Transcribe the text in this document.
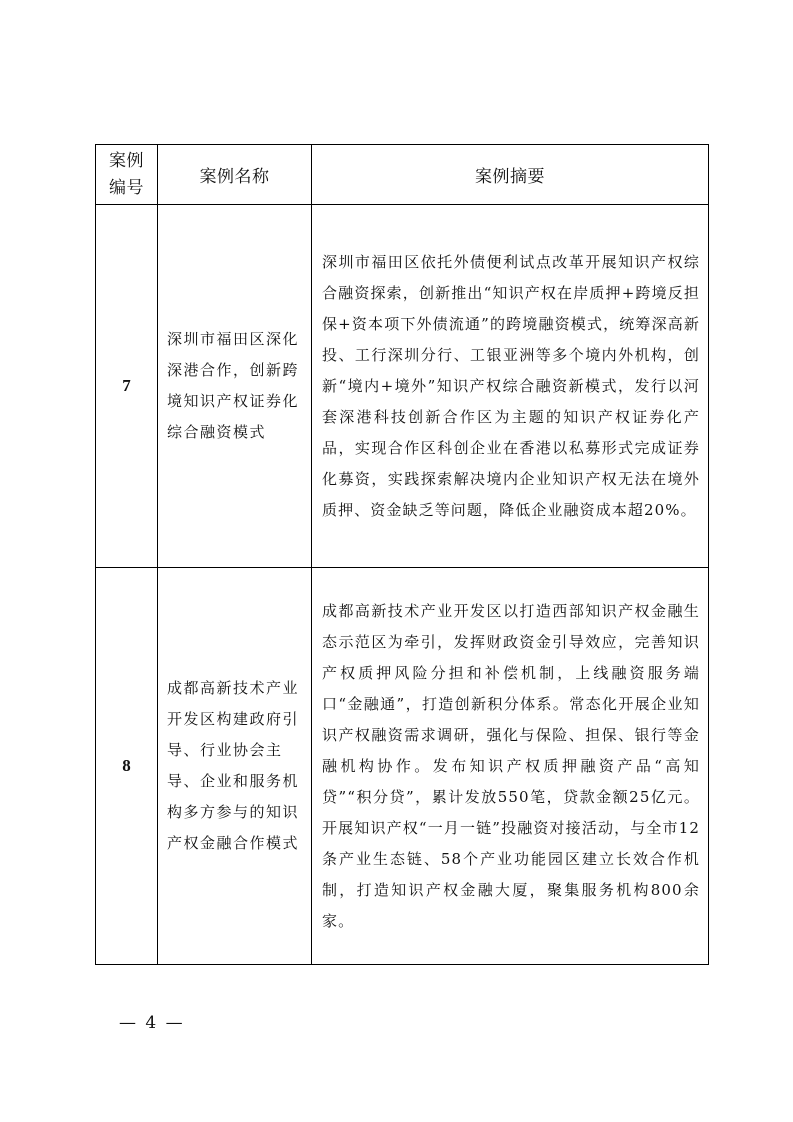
案例
编号	案例名称	案例摘要
7	深圳市福田区深化深港合作，创新跨境知识产权证券化综合融资模式	深圳市福田区依托外债便利试点改革开展知识产权综合融资探索，创新推出“知识产权在岸质押+跨境反担保+资本项下外债流通”的跨境融资模式，统筹深高新投、工行深圳分行、工银亚洲等多个境内外机构，创新“境内+境外”知识产权综合融资新模式，发行以河套深港科技创新合作区为主题的知识产权证券化产品，实现合作区科创企业在香港以私募形式完成证券化募资，实践探索解决境内企业知识产权无法在境外质押、资金缺乏等问题，降低企业融资成本超20%。

8	成都高新技术产业开发区构建政府引导、行业协会主导、企业和服务机构多方参与的知识产权金融合作模式	成都高新技术产业开发区以打造西部知识产权金融生态示范区为牵引，发挥财政资金引导效应，完善知识产权质押风险分担和补偿机制，上线融资服务端口“金融通”，打造创新积分体系。常态化开展企业知识产权融资需求调研，强化与保险、担保、银行等金融机构协作。发布知识产权质押融资产品“高知贷”“积分贷”，累计发放550笔，贷款金额25亿元。开展知识产权“一月一链”投融资对接活动，与全市12条产业生态链、58个产业功能园区建立长效合作机制，打造知识产权金融大厦，聚集服务机构800余家。
— 4 —
